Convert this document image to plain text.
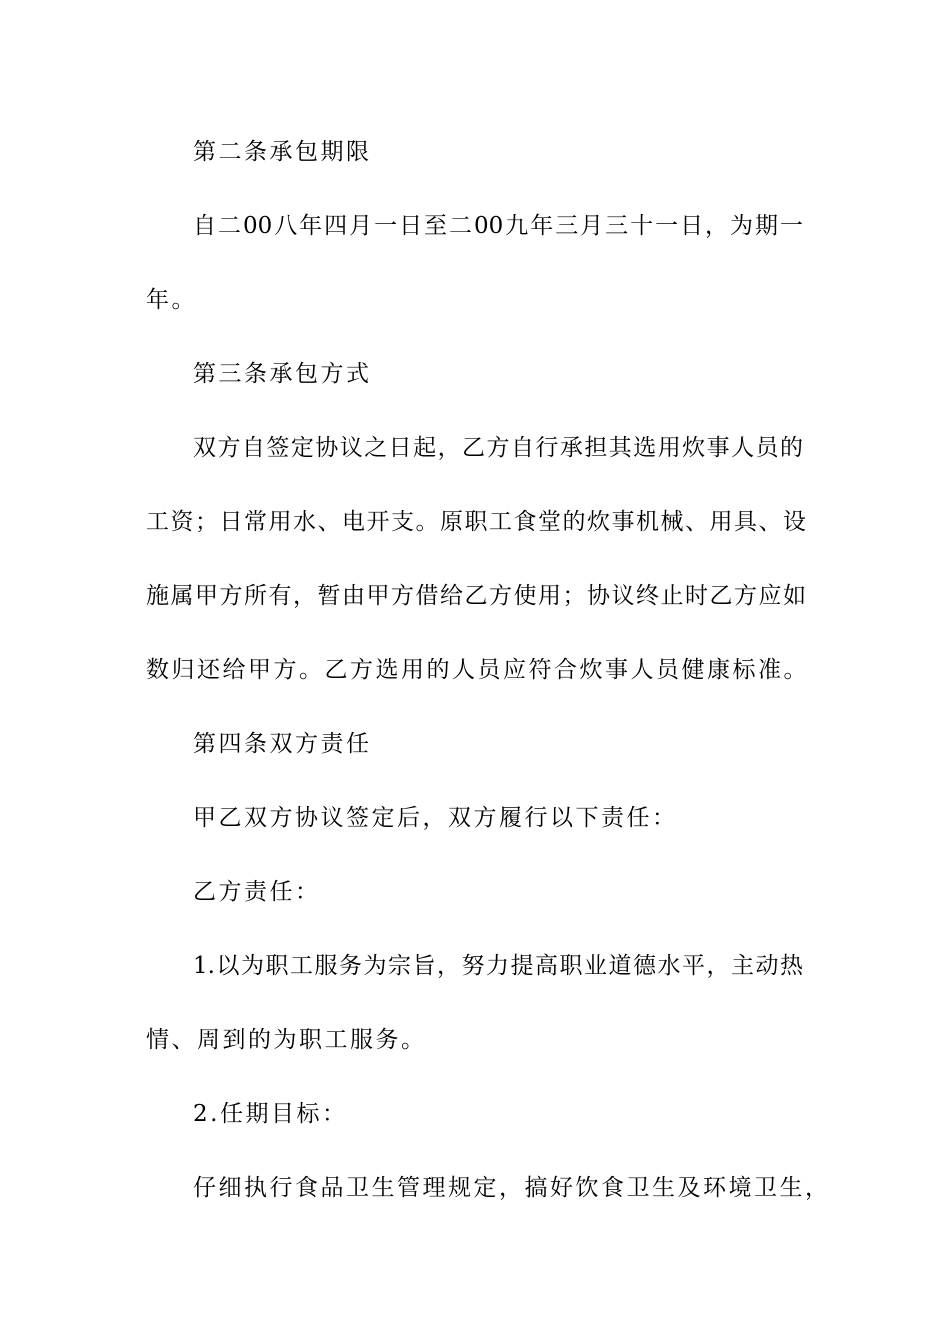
第二条承包期限

自二00八年四月一日至二00九年三月三十一日，为期一

年。

第三条承包方式

双方自签定协议之日起，乙方自行承担其选用炊事人员的

工资；日常用水、电开支。原职工食堂的炊事机械、用具、设

施属甲方所有，暂由甲方借给乙方使用；协议终止时乙方应如

数归还给甲方。乙方选用的人员应符合炊事人员健康标准。

第四条双方责任

甲乙双方协议签定后，双方履行以下责任：

乙方责任：

1.以为职工服务为宗旨，努力提高职业道德水平，主动热

情、周到的为职工服务。

2.任期目标：

仔细执行食品卫生管理规定，搞好饮食卫生及环境卫生，
